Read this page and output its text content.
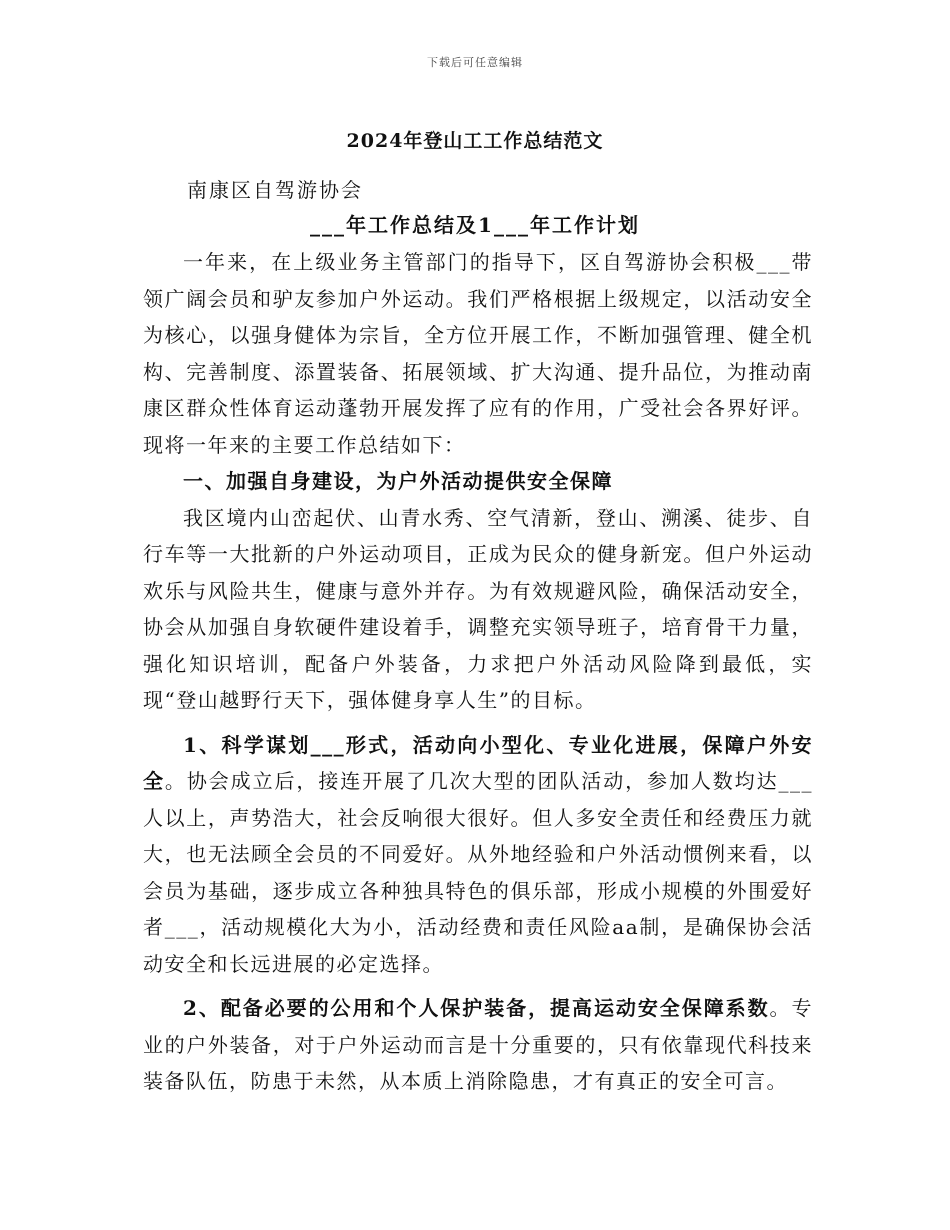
下载后可任意编辑
2024年登山工工作总结范文
南康区自驾游协会
___年工作总结及1___年工作计划

一年来，在上级业务主管部门的指导下，区自驾游协会积极___带领广阔会员和驴友参加户外运动。我们严格根据上级规定，以活动安全为核心，以强身健体为宗旨，全方位开展工作，不断加强管理、健全机构、完善制度、添置装备、拓展领域、扩大沟通、提升品位，为推动南康区群众性体育运动蓬勃开展发挥了应有的作用，广受社会各界好评。现将一年来的主要工作总结如下：

一、加强自身建设，为户外活动提供安全保障

我区境内山峦起伏、山青水秀、空气清新，登山、溯溪、徒步、自行车等一大批新的户外运动项目，正成为民众的健身新宠。但户外运动欢乐与风险共生，健康与意外并存。为有效规避风险，确保活动安全，协会从加强自身软硬件建设着手，调整充实领导班子，培育骨干力量，强化知识培训，配备户外装备，力求把户外活动风险降到最低，实现“登山越野行天下，强体健身享人生”的目标。

1、科学谋划___形式，活动向小型化、专业化进展，保障户外安全。协会成立后，接连开展了几次大型的团队活动，参加人数均达___人以上，声势浩大，社会反响很大很好。但人多安全责任和经费压力就大，也无法顾全会员的不同爱好。从外地经验和户外活动惯例来看，以会员为基础，逐步成立各种独具特色的俱乐部，形成小规模的外围爱好者___，活动规模化大为小，活动经费和责任风险aa制，是确保协会活动安全和长远进展的必定选择。

2、配备必要的公用和个人保护装备，提高运动安全保障系数。专业的户外装备，对于户外运动而言是十分重要的，只有依靠现代科技来装备队伍，防患于未然，从本质上消除隐患，才有真正的安全可言。
